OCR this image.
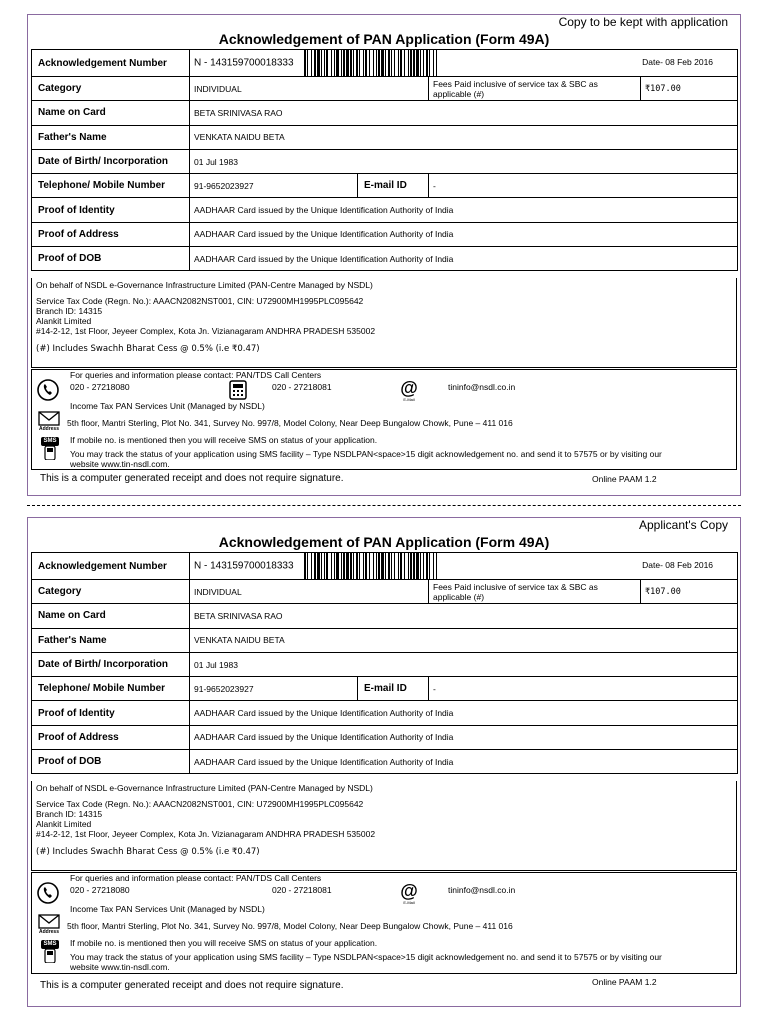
Copy to be kept with application
Acknowledgement of PAN Application (Form 49A)
Acknowledgement Number	N - 143159700018333 Date- 08 Feb 2016			

Category	INDIVIDUAL		Fees Paid inclusive of service tax & SBC as applicable (#)	₹107.00
Name on Card	BETA SRINIVASA RAO			
Father's Name	VENKATA NAIDU BETA			
Date of Birth/ Incorporation	01 Jul 1983			
Telephone/ Mobile Number	91-9652023927	E-mail ID	-	
Proof of Identity	AADHAAR Card issued by the Unique Identification Authority of India			
Proof of Address	AADHAAR Card issued by the Unique Identification Authority of India			
Proof of DOB	AADHAAR Card issued by the Unique Identification Authority of India			
On behalf of NSDL e-Governance Infrastructure Limited (PAN-Centre Managed by NSDL)
Service Tax Code (Regn. No.): AAACN2082NST001, CIN: U72900MH1995PLC095642
Branch ID: 14315
Alankit Limited
#14-2-12, 1st Floor, Jeyeer Complex, Kota Jn. Vizianagaram ANDHRA PRADESH 535002
(#) Includes Swachh Bharat Cess @ 0.5% (i.e ₹0.47)
For queries and information please contact: PAN/TDS Call Centers
020 - 27218080	020 - 27218081	@
E-Mail
tininfo@nsdl.co.in
Income Tax PAN Services Unit (Managed by NSDL)
Address
5th floor, Mantri Sterling, Plot No. 341, Survey No. 997/8, Model Colony, Near Deep Bungalow Chowk, Pune – 411 016
SMS If mobile no. is mentioned then you will receive SMS on status of your application.
You may track the status of your application using SMS facility – Type NSDLPAN<space>15 digit acknowledgement no. and send it to 57575 or by visiting our
website www.tin-nsdl.com.
This is a computer generated receipt and does not require signature.	Online PAAM 1.2
Applicant's Copy
Acknowledgement of PAN Application (Form 49A)
Acknowledgement Number	N - 143159700018333 Date- 08 Feb 2016			

Category	INDIVIDUAL		Fees Paid inclusive of service tax & SBC as applicable (#)	₹107.00
Name on Card	BETA SRINIVASA RAO			
Father's Name	VENKATA NAIDU BETA			
Date of Birth/ Incorporation	01 Jul 1983			
Telephone/ Mobile Number	91-9652023927	E-mail ID	-	
Proof of Identity	AADHAAR Card issued by the Unique Identification Authority of India			
Proof of Address	AADHAAR Card issued by the Unique Identification Authority of India			
Proof of DOB	AADHAAR Card issued by the Unique Identification Authority of India			
On behalf of NSDL e-Governance Infrastructure Limited (PAN-Centre Managed by NSDL)
Service Tax Code (Regn. No.): AAACN2082NST001, CIN: U72900MH1995PLC095642
Branch ID: 14315
Alankit Limited
#14-2-12, 1st Floor, Jeyeer Complex, Kota Jn. Vizianagaram ANDHRA PRADESH 535002
(#) Includes Swachh Bharat Cess @ 0.5% (i.e ₹0.47)
For queries and information please contact: PAN/TDS Call Centers
020 - 27218080	020 - 27218081	@
E-Mail
tininfo@nsdl.co.in
Income Tax PAN Services Unit (Managed by NSDL)
Address
5th floor, Mantri Sterling, Plot No. 341, Survey No. 997/8, Model Colony, Near Deep Bungalow Chowk, Pune – 411 016
SMS If mobile no. is mentioned then you will receive SMS on status of your application.
You may track the status of your application using SMS facility – Type NSDLPAN<space>15 digit acknowledgement no. and send it to 57575 or by visiting our
website www.tin-nsdl.com.
This is a computer generated receipt and does not require signature.	Online PAAM 1.2
